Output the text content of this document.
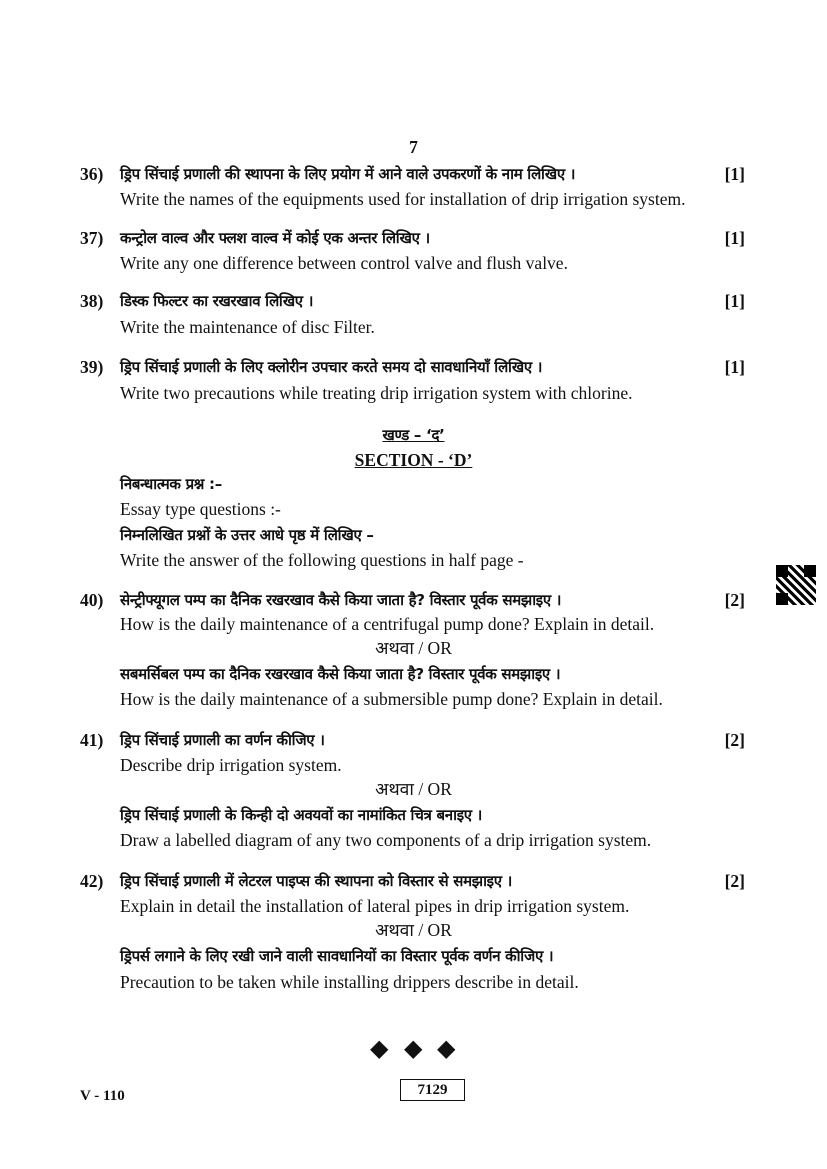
7
36) ड्रिप सिंचाई प्रणाली की स्थापना के लिए प्रयोग में आने वाले उपकरणों के नाम लिखिए ।	[1]
Write the names of the equipments used for installation of drip irrigation system.
37) कन्ट्रोल वाल्व और फ्लश वाल्व में कोई एक अन्तर लिखिए ।	[1]
Write any one difference between control valve and flush valve.
38) डिस्क फिल्टर का रखरखाव लिखिए ।	[1]
Write the maintenance of disc Filter.
39) ड्रिप सिंचाई प्रणाली के लिए क्लोरीन उपचार करते समय दो सावधानियाँ लिखिए ।	[1]
Write two precautions while treating drip irrigation system with chlorine.
खण्ड – ‘द’
SECTION - ‘D’
निबन्धात्मक प्रश्न :–
Essay type questions :-
निम्नलिखित प्रश्नों के उत्तर आधे पृष्ठ में लिखिए –
Write the answer of the following questions in half page -
40) सेन्ट्रीफ्यूगल पम्प का दैनिक रखरखाव कैसे किया जाता है? विस्तार पूर्वक समझाइए ।	[2]
How is the daily maintenance of a centrifugal pump done? Explain in detail.
अथवा / OR
सबमर्सिबल पम्प का दैनिक रखरखाव कैसे किया जाता है? विस्तार पूर्वक समझाइए ।
How is the daily maintenance of a submersible pump done? Explain in detail.
41) ड्रिप सिंचाई प्रणाली का वर्णन कीजिए ।	[2]
Describe drip irrigation system.
अथवा / OR
ड्रिप सिंचाई प्रणाली के किन्ही दो अवयवों का नामांकित चित्र बनाइए ।
Draw a labelled diagram of any two components of a drip irrigation system.
42) ड्रिप सिंचाई प्रणाली में लेटरल पाइप्स की स्थापना को विस्तार से समझाइए ।	[2]
Explain in detail the installation of lateral pipes in drip irrigation system.
अथवा / OR
ड्रिपर्स लगाने के लिए रखी जाने वाली सावधानियों का विस्तार पूर्वक वर्णन कीजिए ।
Precaution to be taken while installing drippers describe in detail.
◆ ◆ ◆
V - 110	7129
